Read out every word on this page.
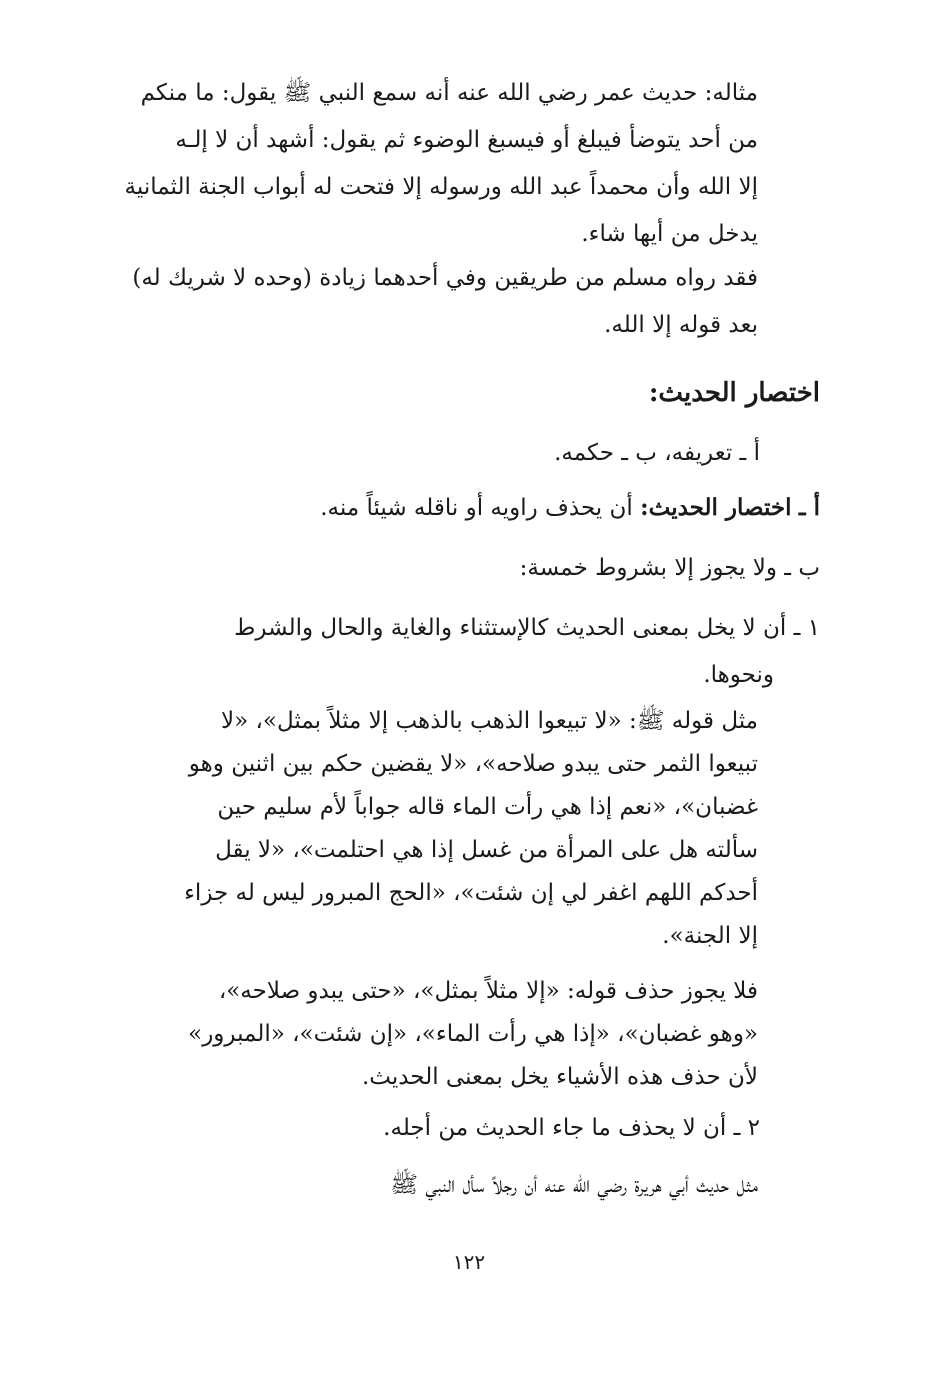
مثاله: حديث عمر رضي الله عنه أنه سمع النبي ﷺ يقول: ما منكم
من أحد يتوضأ فيبلغ أو فيسبغ الوضوء ثم يقول: أشهد أن لا إلـه
إلا الله وأن محمداً عبد الله ورسوله إلا فتحت له أبواب الجنة الثمانية
يدخل من أيها شاء.
فقد رواه مسلم من طريقين وفي أحدهما زيادة (وحده لا شريك له)
بعد قوله إلا الله.
اختصار الحديث:
أ ـ تعريفه، ب ـ حكمه.
أ ـ اختصار الحديث: أن يحذف راويه أو ناقله شيئاً منه.
ب ـ ولا يجوز إلا بشروط خمسة:
١ ـ أن لا يخل بمعنى الحديث كالإستثناء والغاية والحال والشرط
ونحوها.
مثل قوله ﷺ: «لا تبيعوا الذهب بالذهب إلا مثلاً بمثل»، «لا
تبيعوا الثمر حتى يبدو صلاحه»، «لا يقضين حكم بين اثنين وهو
غضبان»، «نعم إذا هي رأت الماء قاله جواباً لأم سليم حين
سألته هل على المرأة من غسل إذا هي احتلمت»، «لا يقل
أحدكم اللهم اغفر لي إن شئت»، «الحج المبرور ليس له جزاء
إلا الجنة».
فلا يجوز حذف قوله: «إلا مثلاً بمثل»، «حتى يبدو صلاحه»،
«وهو غضبان»، «إذا هي رأت الماء»، «إن شئت»، «المبرور»
لأن حذف هذه الأشياء يخل بمعنى الحديث.
٢ ـ أن لا يحذف ما جاء الحديث من أجله.
مثل حديث أبي هريرة رضي الله عنه أن رجلاً سأل النبي ﷺ
١٢٢
